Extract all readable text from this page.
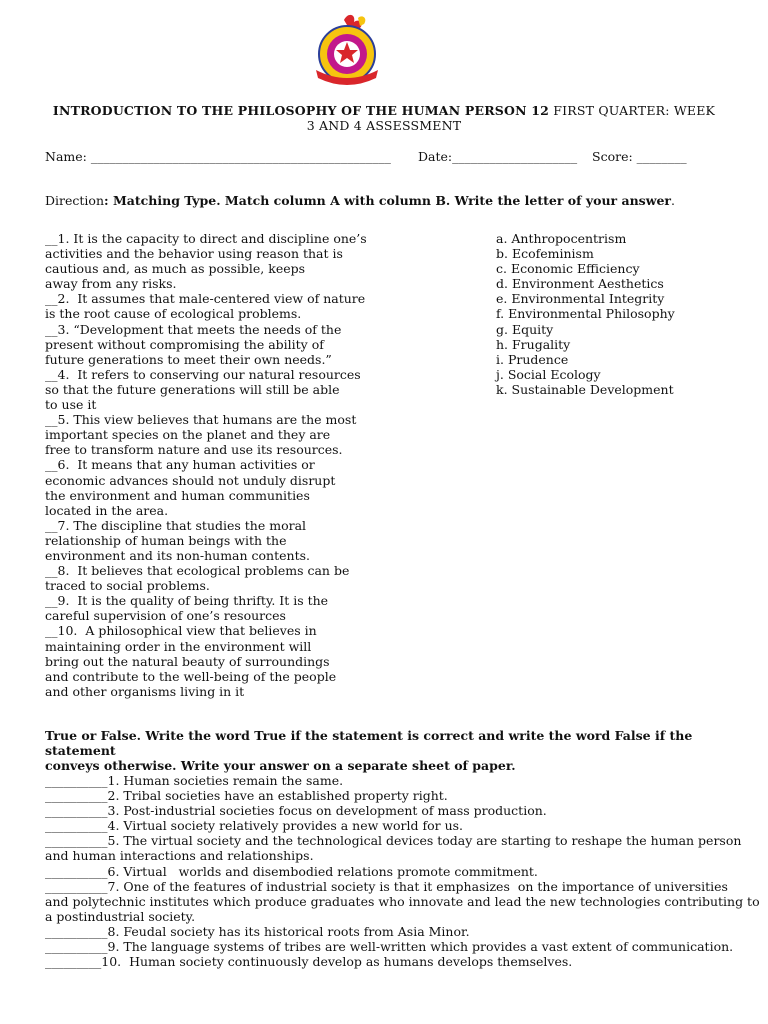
INTRODUCTION TO THE PHILOSOPHY OF THE HUMAN PERSON 12 FIRST QUARTER: WEEK
3 AND 4 ASSESSMENT
Name: ________________________________________________ Date:____________________ Score: ________
Direction: Matching Type. Match column A with column B. Write the letter of your answer.
__1. It is the capacity to direct and discipline one’s
activities and the behavior using reason that is
cautious and, as much as possible, keeps
away from any risks.
__2.  It assumes that male-centered view of nature
is the root cause of ecological problems.
__3. “Development that meets the needs of the
present without compromising the ability of
future generations to meet their own needs.”
__4.  It refers to conserving our natural resources
so that the future generations will still be able
to use it
__5. This view believes that humans are the most
important species on the planet and they are
free to transform nature and use its resources.
__6.  It means that any human activities or
economic advances should not unduly disrupt
the environment and human communities
located in the area.
__7. The discipline that studies the moral
relationship of human beings with the
environment and its non-human contents.
__8.  It believes that ecological problems can be
traced to social problems.
__9.  It is the quality of being thrifty. It is the
careful supervision of one’s resources
__10.  A philosophical view that believes in
maintaining order in the environment will
bring out the natural beauty of surroundings
and contribute to the well-being of the people
and other organisms living in it
a. Anthropocentrism
b. Ecofeminism
c. Economic Efficiency
d. Environment Aesthetics
e. Environmental Integrity
f. Environmental Philosophy
g. Equity
h. Frugality
i. Prudence
j. Social Ecology
k. Sustainable Development
True or False. Write the word True if the statement is correct and write the word False if the statement
conveys otherwise. Write your answer on a separate sheet of paper.
__________1. Human societies remain the same.
__________2. Tribal societies have an established property right.
__________3. Post-industrial societies focus on development of mass production.
__________4. Virtual society relatively provides a new world for us.
__________5. The virtual society and the technological devices today are starting to reshape the human person
and human interactions and relationships.
__________6. Virtual   worlds and disembodied relations promote commitment.
__________7. One of the features of industrial society is that it emphasizes  on the importance of universities
and polytechnic institutes which produce graduates who innovate and lead the new technologies contributing to
a postindustrial society.
__________8. Feudal society has its historical roots from Asia Minor.
__________9. The language systems of tribes are well-written which provides a vast extent of communication.
_________10.  Human society continuously develop as humans develops themselves.
